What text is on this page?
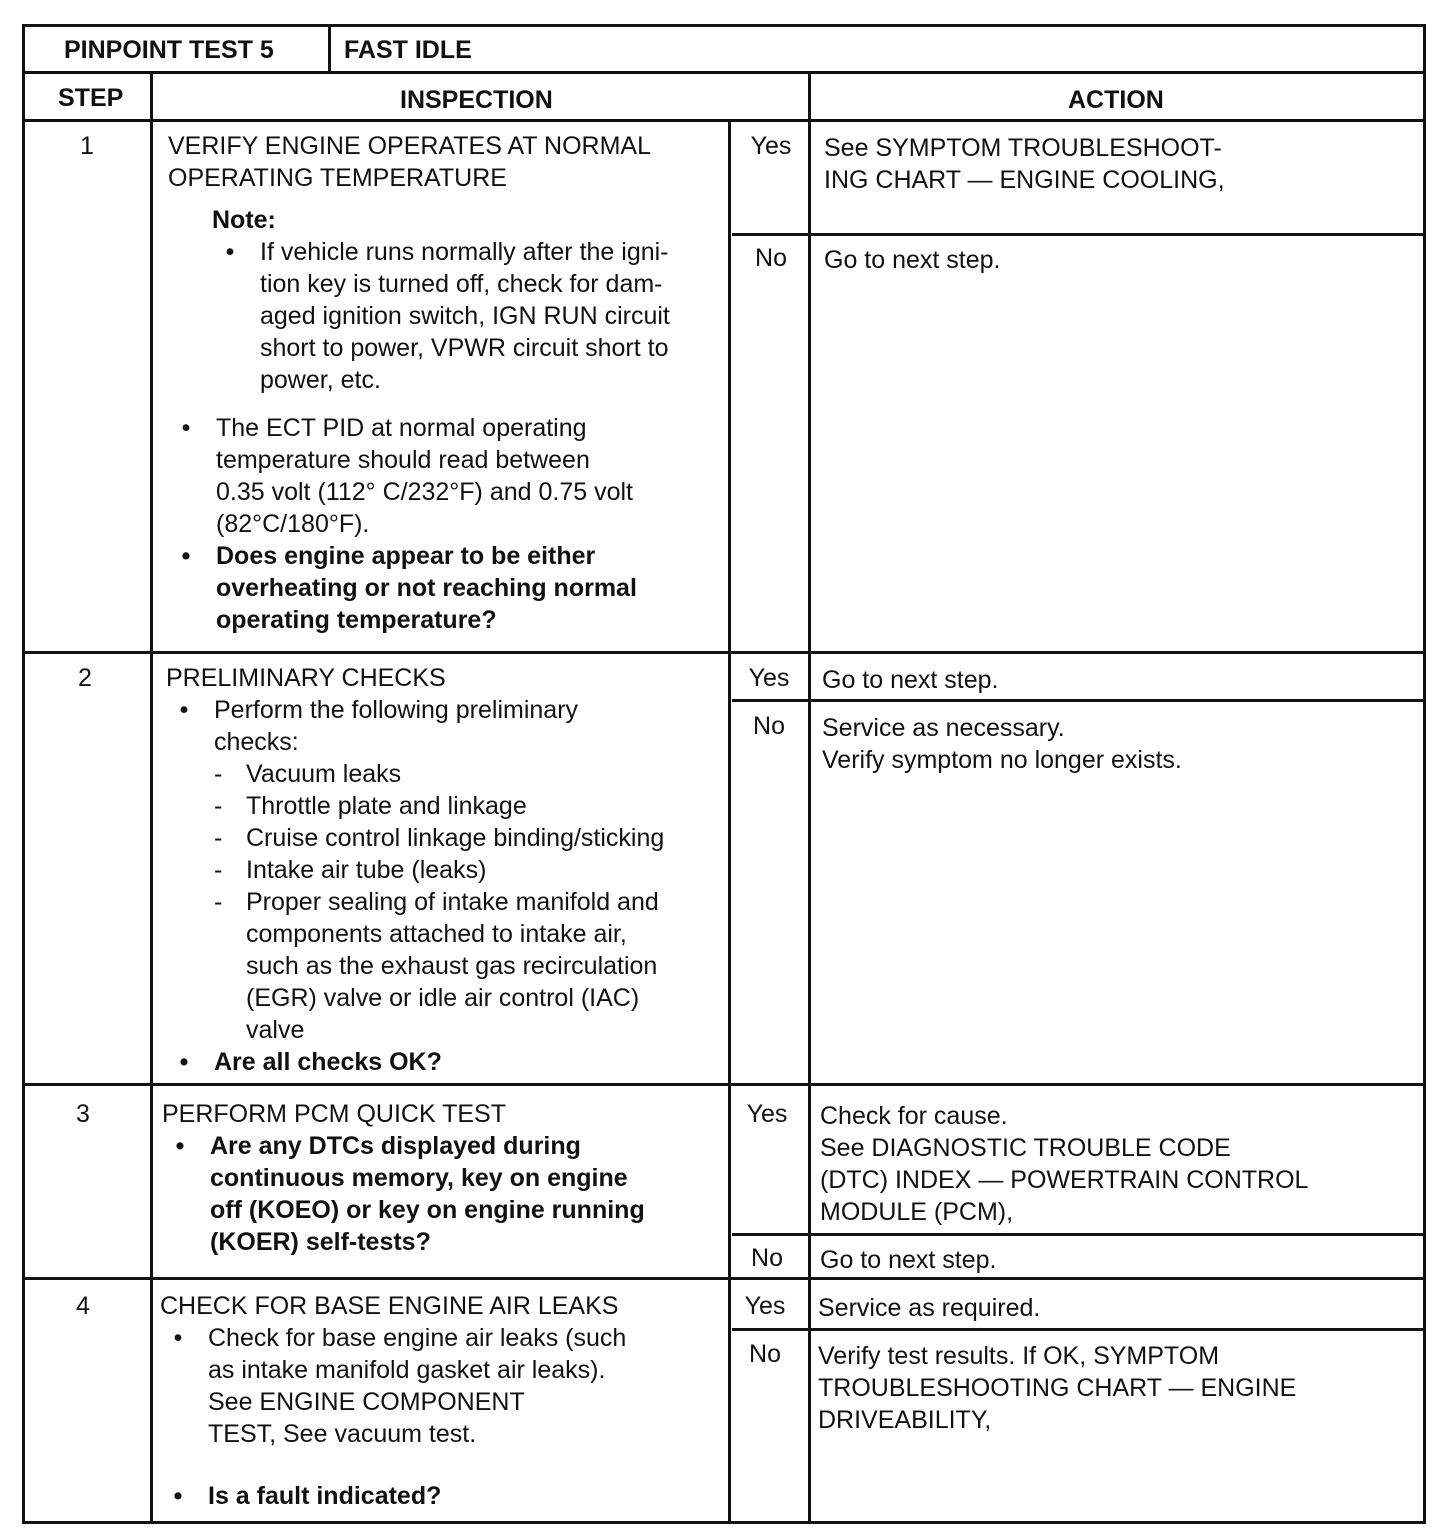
PINPOINT TEST 5	FAST IDLE
STEP	INSPECTION	ACTION
1	VERIFY ENGINE OPERATES AT NORMAL
OPERATING TEMPERATURE
Note:
• If vehicle runs normally after the igni-
tion key is turned off, check for dam-
aged ignition switch, IGN RUN circuit
short to power, VPWR circuit short to
power, etc.
• The ECT PID at normal operating
temperature should read between
0.35 volt (112° C/232°F) and 0.75 volt
(82°C/180°F).
• Does engine appear to be either
overheating or not reaching normal
operating temperature?
Yes	See SYMPTOM TROUBLESHOOT-
ING CHART — ENGINE COOLING,
No	Go to next step.
2	PRELIMINARY CHECKS
• Perform the following preliminary
checks:
- Vacuum leaks
- Throttle plate and linkage
- Cruise control linkage binding/sticking
- Intake air tube (leaks)
- Proper sealing of intake manifold and
components attached to intake air,
such as the exhaust gas recirculation
(EGR) valve or idle air control (IAC)
valve
• Are all checks OK?
Yes	Go to next step.
No	Service as necessary.
Verify symptom no longer exists.
3	PERFORM PCM QUICK TEST
• Are any DTCs displayed during
continuous memory, key on engine
off (KOEO) or key on engine running
(KOER) self-tests?
Yes	Check for cause.
See DIAGNOSTIC TROUBLE CODE
(DTC) INDEX — POWERTRAIN CONTROL
MODULE (PCM),
No	Go to next step.
4	CHECK FOR BASE ENGINE AIR LEAKS
• Check for base engine air leaks (such
as intake manifold gasket air leaks).
See ENGINE COMPONENT
TEST, See vacuum test.
• Is a fault indicated?
Yes	Service as required.
No	Verify test results. If OK, SYMPTOM
TROUBLESHOOTING CHART — ENGINE
DRIVEABILITY,
